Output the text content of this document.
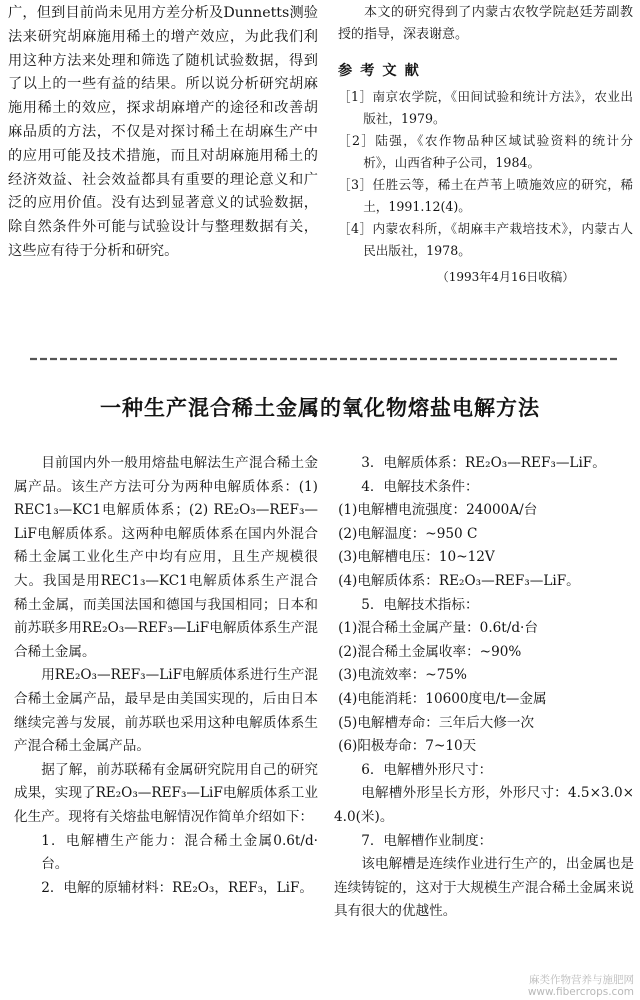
广，但到目前尚未见用方差分析及Dunnetts测验法来研究胡麻施用稀土的增产效应，为此我们利用这种方法来处理和筛选了随机试验数据，得到了以上的一些有益的结果。所以说分析研究胡麻施用稀土的效应，探求胡麻增产的途径和改善胡麻品质的方法，不仅是对探讨稀土在胡麻生产中的应用可能及技术措施，而且对胡麻施用稀土的经济效益、社会效益都具有重要的理论意义和广泛的应用价值。没有达到显著意义的试验数据，除自然条件外可能与试验设计与整理数据有关，这些应有待于分析和研究。

本文的研究得到了内蒙古农牧学院赵廷芳副教授的指导，深表谢意。

参考文献

［1］南京农学院，《田间试验和统计方法》，农业出版社，1979。

［2］陆强，《农作物品种区域试验资料的统计分析》，山西省种子公司，1984。

［3］任胜云等，稀土在芦苇上喷施效应的研究，稀土，1991.12(4)。

［4］内蒙农科所，《胡麻丰产栽培技术》，内蒙古人民出版社，1978。

（1993年4月16日收稿）

一种生产混合稀土金属的氧化物熔盐电解方法

目前国内外一般用熔盐电解法生产混合稀土金属产品。该生产方法可分为两种电解质体系：(1) REC1₃—KC1电解质体系；(2) RE₂O₃—REF₃—LiF电解质体系。这两种电解质体系在国内外混合稀土金属工业化生产中均有应用，且生产规模很大。我国是用REC1₃—KC1电解质体系生产混合稀土金属，而美国法国和德国与我国相同；日本和前苏联多用RE₂O₃—REF₃—LiF电解质体系生产混合稀土金属。

用RE₂O₃—REF₃—LiF电解质体系进行生产混合稀土金属产品，最早是由美国实现的，后由日本继续完善与发展，前苏联也采用这种电解质体系生产混合稀土金属产品。

据了解，前苏联稀有金属研究院用自己的研究成果，实现了RE₂O₃—REF₃—LiF电解质体系工业化生产。现将有关熔盐电解情况作简单介绍如下：

1．电解槽生产能力：混合稀土金属0.6t/d·台。

2．电解的原辅材料：RE₂O₃，REF₃，LiF。

3．电解质体系：RE₂O₃—REF₃—LiF。

4．电解技术条件：

(1)电解槽电流强度：24000A/台

(2)电解温度：~950 C

(3)电解槽电压：10~12V

(4)电解质体系：RE₂O₃—REF₃—LiF。

5．电解技术指标：

(1)混合稀土金属产量：0.6t/d·台

(2)混合稀土金属收率：~90%

(3)电流效率：~75%

(4)电能消耗：10600度电/t—金属

(5)电解槽寿命：三年后大修一次

(6)阳极寿命：7~10天

6．电解槽外形尺寸：

电解槽外形呈长方形，外形尺寸：4.5×3.0×4.0(米)。

7．电解槽作业制度：

该电解槽是连续作业进行生产的，出金属也是连续铸锭的，这对于大规模生产混合稀土金属来说具有很大的优越性。

麻类作物营养与施肥网
www.fibercrops.com
